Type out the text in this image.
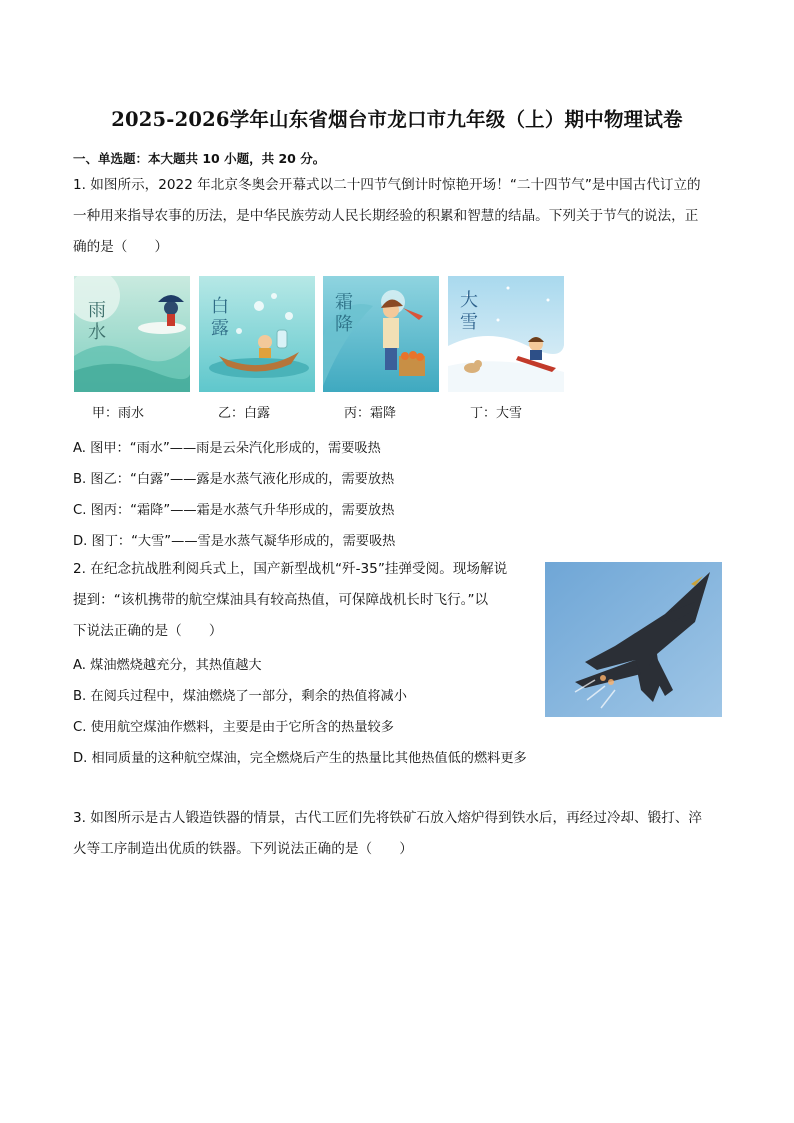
2025-2026学年山东省烟台市龙口市九年级（上）期中物理试卷
一、单选题：本大题共 10 小题，共 20 分。
1. 如图所示，2022 年北京冬奥会开幕式以二十四节气倒计时惊艳开场！“二十四节气”是中国古代订立的
一种用来指导农事的历法，是中华民族劳动人民长期经验的积累和智慧的结晶。下列关于节气的说法，正
确的是（　　）
雨水
白露
霜降
大雪
甲：雨水	乙：白露	丙：霜降	丁：大雪
A. 图甲：“雨水”——雨是云朵汽化形成的，需要吸热
B. 图乙：“白露”——露是水蒸气液化形成的，需要放热
C. 图丙：“霜降”——霜是水蒸气升华形成的，需要放热
D. 图丁：“大雪”——雪是水蒸气凝华形成的，需要吸热
2. 在纪念抗战胜利阅兵式上，国产新型战机“歼-35”挂弹受阅。现场解说
提到：“该机携带的航空煤油具有较高热值，可保障战机长时飞行。”以
下说法正确的是（　　）
A. 煤油燃烧越充分，其热值越大
B. 在阅兵过程中，煤油燃烧了一部分，剩余的热值将减小
C. 使用航空煤油作燃料，主要是由于它所含的热量较多
D. 相同质量的这种航空煤油，完全燃烧后产生的热量比其他热值低的燃料更多
3. 如图所示是古人锻造铁器的情景，古代工匠们先将铁矿石放入熔炉得到铁水后，再经过冷却、锻打、淬
火等工序制造出优质的铁器。下列说法正确的是（　　）
